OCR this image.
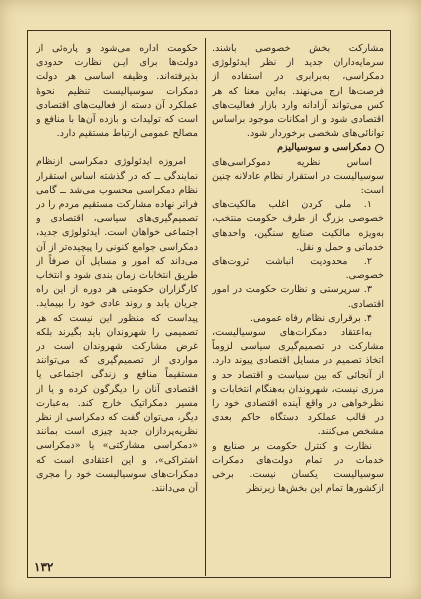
مشارکت بخش خصوصی باشند. سرمایه‌داران جدید از نظر ایدئولوژی دمکراسی، به‌برابری در استفاده از فرصت‌ها ارج می‌نهند. به‌این معنا که هر کس می‌تواند آزادانه وارد بازار فعالیت‌های اقتصادی شود و از امکانات موجود براساس توانائی‌های شخصی برخوردار شود.

دمکراسی و سوسیالیزم

اساس نظریه دموکراسی‌های سوسیالیست در استقرار نظام عادلانه چنین است:

۱. ملی کردن اغلب مالکیت‌های خصوصی بزرگ از طرف حکومت منتخب، به‌ویژه مالکیت صنایع سنگین، واحدهای خدماتی و حمل و نقل.

۲. محدودیت انباشت ثروت‌های خصوصی.

۳. سرپرستی و نظارت حکومت در امور اقتصادی.

۴. برقراری نظام رفاه عمومی.

به‌اعتقاد دمکرات‌های سوسیالیست، مشارکت در تصمیم‌گیری سیاسی لزوماً اتخاذ تصمیم در مسایل اقتصادی پیوند دارد. از آنجائی که بین سیاست و اقتصاد حد و مرزی نیست، شهروندان به‌هنگام انتخابات و نظرخواهی در واقع آینده اقتصادی خود را در قالب عملکرد دستگاه حاکم بعدی مشخص می‌کنند.

نظارت و کنترل حکومت بر صنایع و خدمات در تمام دولت‌های دمکرات سوسیالیست یکسان نیست. برخی ازکشورها تمام این بخش‌ها زیرنظر

حکومت اداره می‌شود و پاره‌ئی از دولت‌ها برای ایـن نظارت حدودی بذیرفته‌اند. وظیفه اساسی هر دولت دمکرات سوسیالیست تنظیم نحوهٔ عملکرد آن دسته از فعالیت‌های اقتصادی است که تولیدات و بازده آن‌ها با منافع و مصالح عمومی ارتباط مستقیم دارد.

امروزه ایدئولوژی دمکراسی ازنظام نمایندگی ــ که در گذشته اساس استقرار نظام دمکراسی محسوب می‌شد ــ گامی فراتر نهاده مشارکت مستقیم مردم را در تصمیم‌گیری‌های سیاسی، اقتصادی و اجتماعی خواهان است. ایدئولوژی جدید، دمکراسی جوامع کنونی را پیچیده‌تر از آن می‌داند که امور و مسایل آن صرفاً از طریق انتخابات زمان بندی شود و انتخاب کارگزاران حکومتی هر دوره از این راه جریان یابد و روند عادی خود را بپیماید. پیداست که منظور این نیست که هر تصمیمی را شهروندان باید بگیرند بلکه غرض مشارکت شهروندان است در مواردی از تصمیم‌گیری که می‌توانند مستقیماً منافع و زندگی اجتماعی یا اقتصادی آنان را دیگرگون کرده و یا از مسیر دمکراتیک خارج کند. به‌عبارت دیگر، می‌توان گفت که دمکراسی از نظر نظریه‌پردازان جدید چیزی است بمانند «دمکراسی مشارکتی» یا «دمکراسی اشتراکی»، و این اعتقادی است که دمکرات‌های سوسیالیست خود را مجری آن می‌دانند.

۱۳۲
